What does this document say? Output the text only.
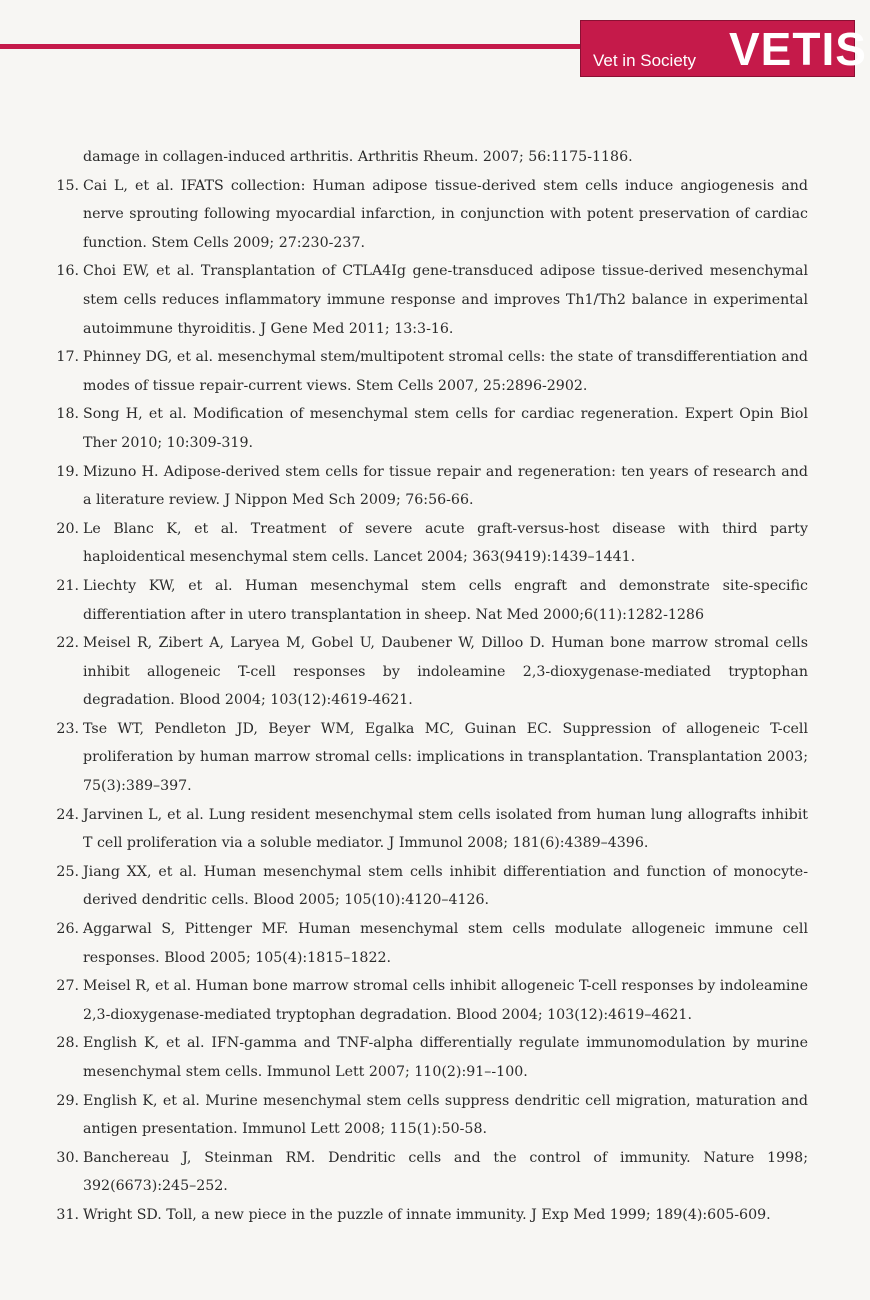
Vet in Society VETIS
damage in collagen-induced arthritis. Arthritis Rheum. 2007; 56:1175-1186.
15. Cai L, et al. IFATS collection: Human adipose tissue-derived stem cells induce angiogenesis and nerve sprouting following myocardial infarction, in conjunction with potent preservation of cardiac function. Stem Cells 2009; 27:230-237.
16. Choi EW, et al. Transplantation of CTLA4Ig gene-transduced adipose tissue-derived mesenchymal stem cells reduces inflammatory immune response and improves Th1/Th2 balance in experimental autoimmune thyroiditis. J Gene Med 2011; 13:3-16.
17. Phinney DG, et al. mesenchymal stem/multipotent stromal cells: the state of transdifferentiation and modes of tissue repair-current views. Stem Cells 2007, 25:2896-2902.
18. Song H, et al. Modification of mesenchymal stem cells for cardiac regeneration. Expert Opin Biol Ther 2010; 10:309-319.
19. Mizuno H. Adipose-derived stem cells for tissue repair and regeneration: ten years of research and a literature review. J Nippon Med Sch 2009; 76:56-66.
20. Le Blanc K, et al. Treatment of severe acute graft-versus-host disease with third party haploidentical mesenchymal stem cells. Lancet 2004; 363(9419):1439–1441.
21. Liechty KW, et al. Human mesenchymal stem cells engraft and demonstrate site-specific differentiation after in utero transplantation in sheep. Nat Med 2000;6(11):1282-1286
22. Meisel R, Zibert A, Laryea M, Gobel U, Daubener W, Dilloo D. Human bone marrow stromal cells inhibit allogeneic T-cell responses by indoleamine 2,3-dioxygenase-mediated tryptophan degradation. Blood 2004; 103(12):4619-4621.
23. Tse WT, Pendleton JD, Beyer WM, Egalka MC, Guinan EC. Suppression of allogeneic T-cell proliferation by human marrow stromal cells: implications in transplantation. Transplantation 2003; 75(3):389–397.
24. Jarvinen L, et al. Lung resident mesenchymal stem cells isolated from human lung allografts inhibit T cell proliferation via a soluble mediator. J Immunol 2008; 181(6):4389–4396.
25. Jiang XX, et al. Human mesenchymal stem cells inhibit differentiation and function of monocyte-derived dendritic cells. Blood 2005; 105(10):4120–4126.
26. Aggarwal S, Pittenger MF. Human mesenchymal stem cells modulate allogeneic immune cell responses. Blood 2005; 105(4):1815–1822.
27. Meisel R, et al. Human bone marrow stromal cells inhibit allogeneic T-cell responses by indoleamine 2,3-dioxygenase-mediated tryptophan degradation. Blood 2004; 103(12):4619–4621.
28. English K, et al. IFN-gamma and TNF-alpha differentially regulate immunomodulation by murine mesenchymal stem cells. Immunol Lett 2007; 110(2):91–-100.
29. English K, et al. Murine mesenchymal stem cells suppress dendritic cell migration, maturation and antigen presentation. Immunol Lett 2008; 115(1):50-58.
30. Banchereau J, Steinman RM. Dendritic cells and the control of immunity. Nature 1998; 392(6673):245–252.
31. Wright SD. Toll, a new piece in the puzzle of innate immunity. J Exp Med 1999; 189(4):605-609.
